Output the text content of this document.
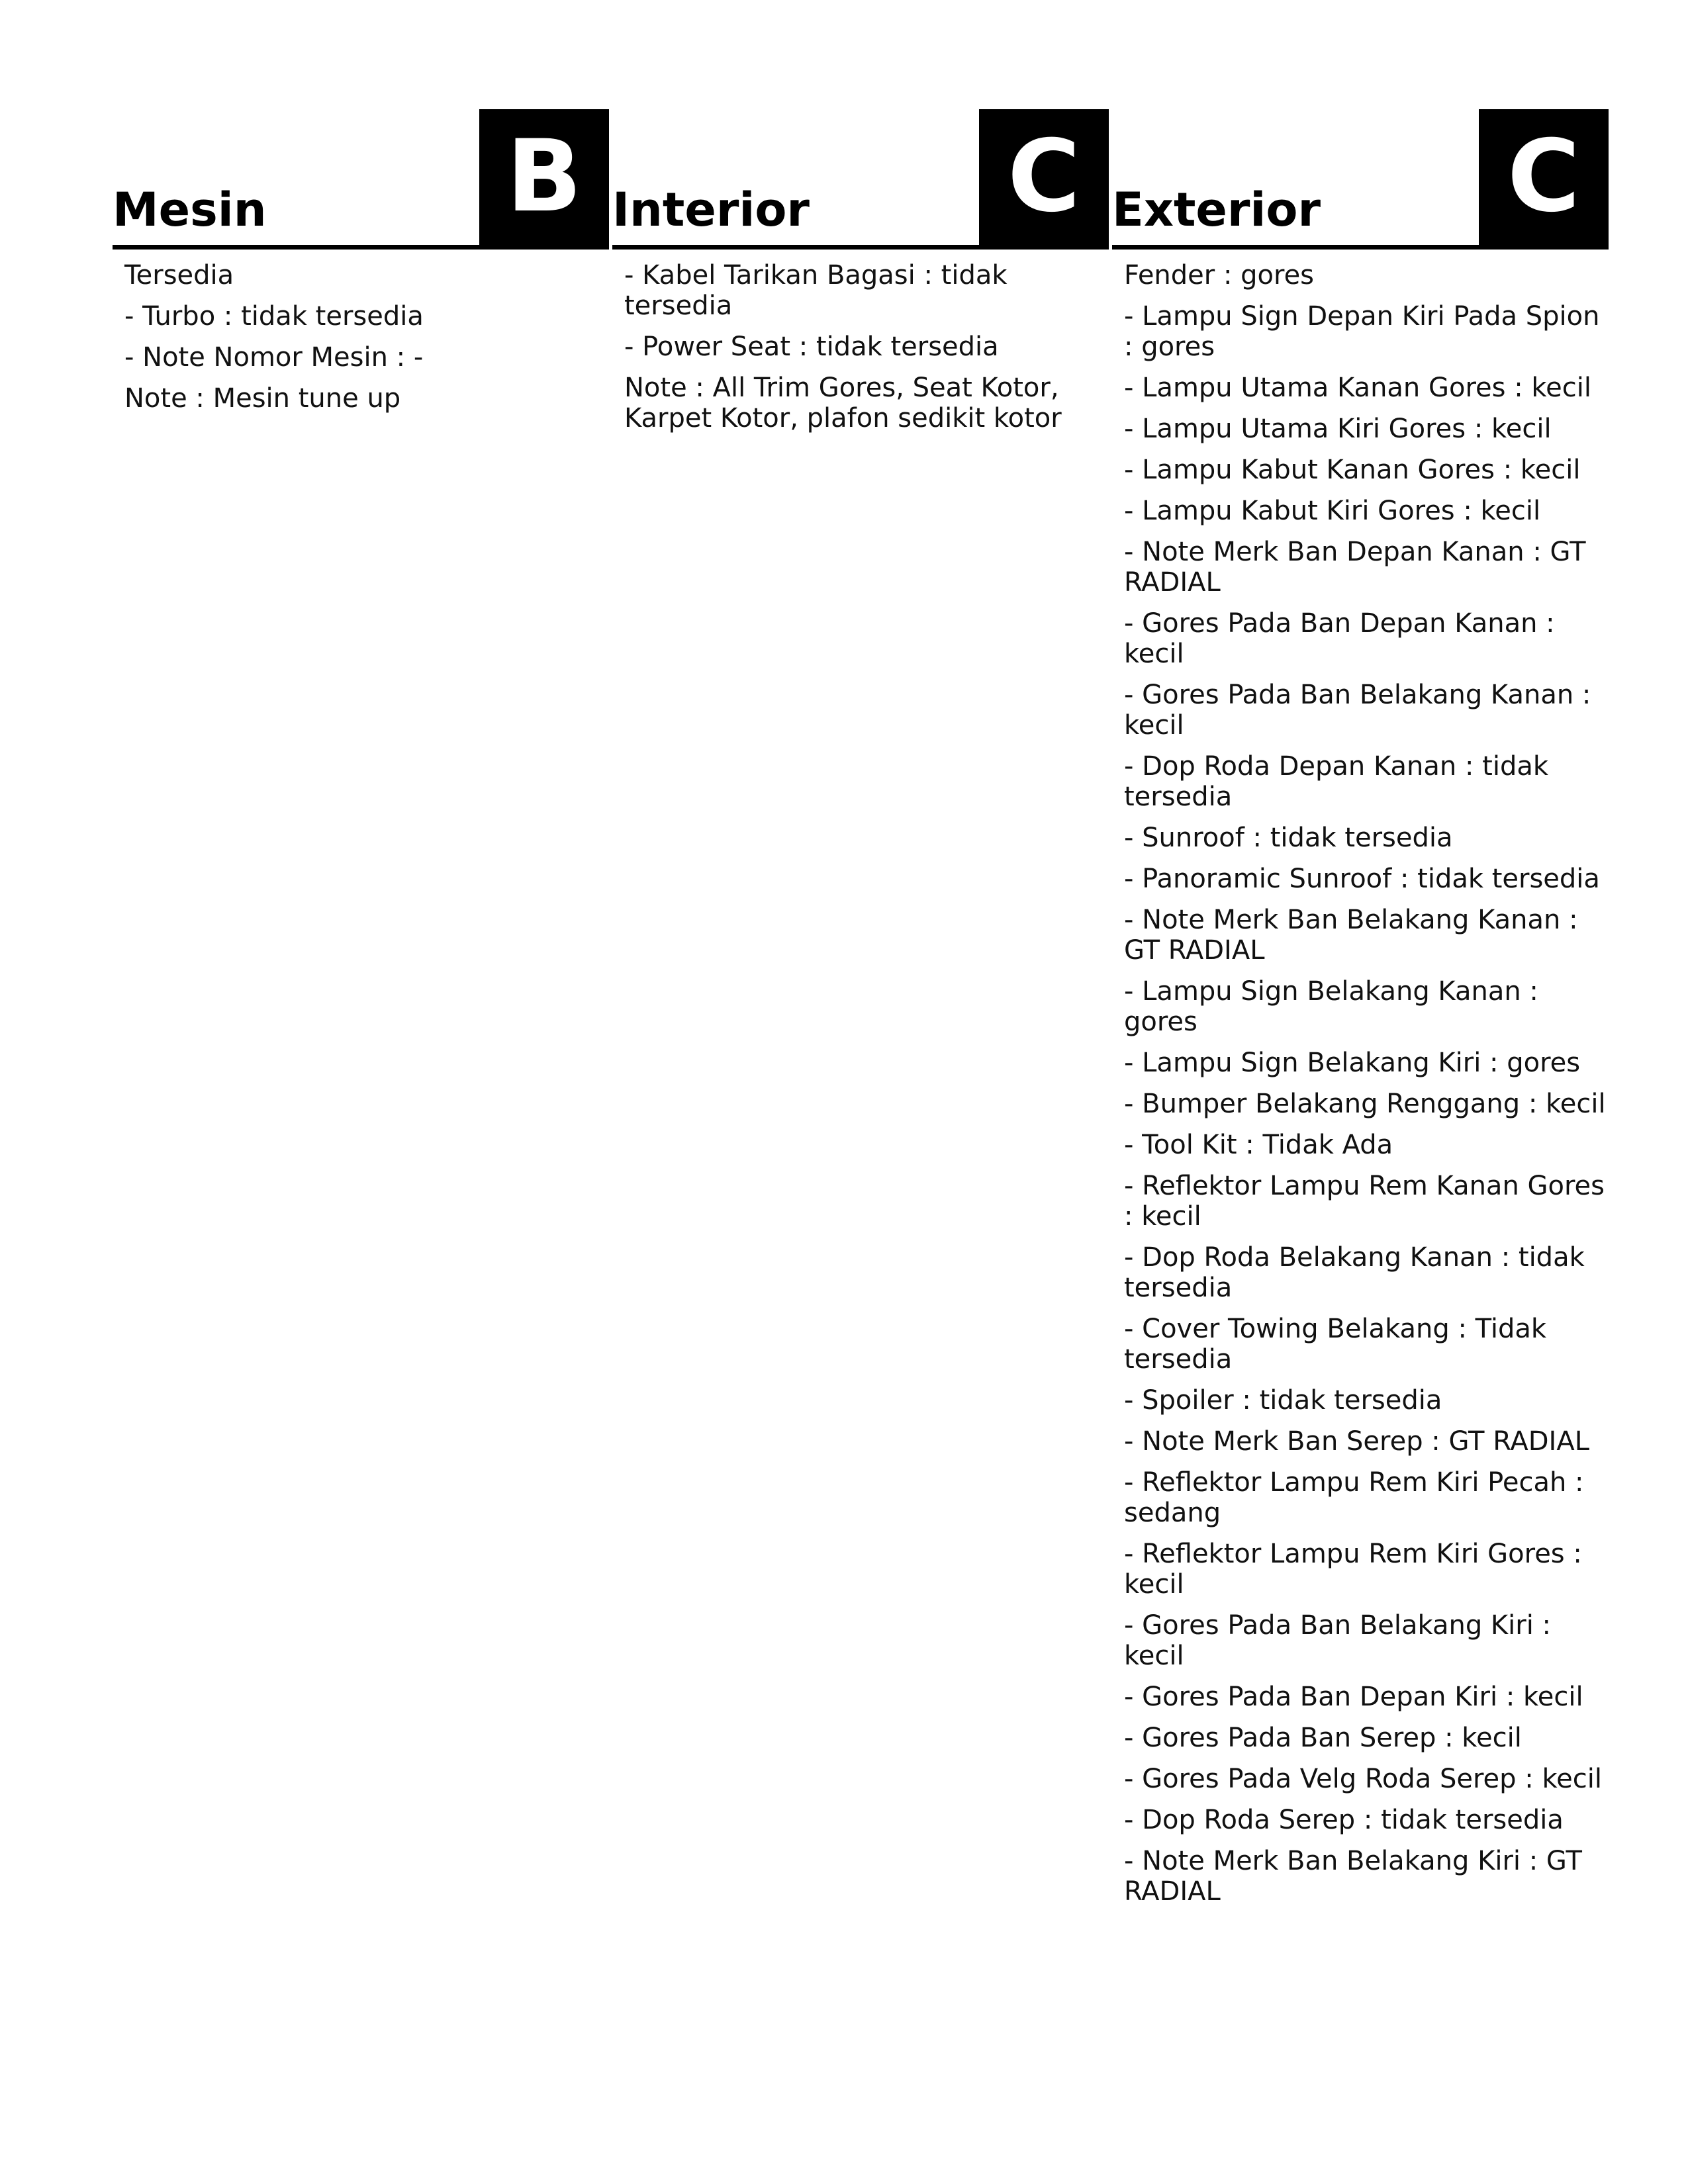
Mesin B
Tersedia
- Turbo : tidak tersedia
- Note Nomor Mesin : -
Note : Mesin tune up
Interior C
- Kabel Tarikan Bagasi : tidak tersedia
- Power Seat : tidak tersedia
Note : All Trim Gores, Seat Kotor, Karpet Kotor, plafon sedikit kotor
Exterior C
Fender : gores
- Lampu Sign Depan Kiri Pada Spion : gores
- Lampu Utama Kanan Gores : kecil
- Lampu Utama Kiri Gores : kecil
- Lampu Kabut Kanan Gores : kecil
- Lampu Kabut Kiri Gores : kecil
- Note Merk Ban Depan Kanan : GT RADIAL
- Gores Pada Ban Depan Kanan : kecil
- Gores Pada Ban Belakang Kanan : kecil
- Dop Roda Depan Kanan : tidak tersedia
- Sunroof : tidak tersedia
- Panoramic Sunroof : tidak tersedia
- Note Merk Ban Belakang Kanan : GT RADIAL
- Lampu Sign Belakang Kanan : gores
- Lampu Sign Belakang Kiri : gores
- Bumper Belakang Renggang : kecil
- Tool Kit : Tidak Ada
- Reflektor Lampu Rem Kanan Gores : kecil
- Dop Roda Belakang Kanan : tidak tersedia
- Cover Towing Belakang : Tidak tersedia
- Spoiler : tidak tersedia
- Note Merk Ban Serep : GT RADIAL
- Reflektor Lampu Rem Kiri Pecah : sedang
- Reflektor Lampu Rem Kiri Gores : kecil
- Gores Pada Ban Belakang Kiri : kecil
- Gores Pada Ban Depan Kiri : kecil
- Gores Pada Ban Serep : kecil
- Gores Pada Velg Roda Serep : kecil
- Dop Roda Serep : tidak tersedia
- Note Merk Ban Belakang Kiri : GT RADIAL
